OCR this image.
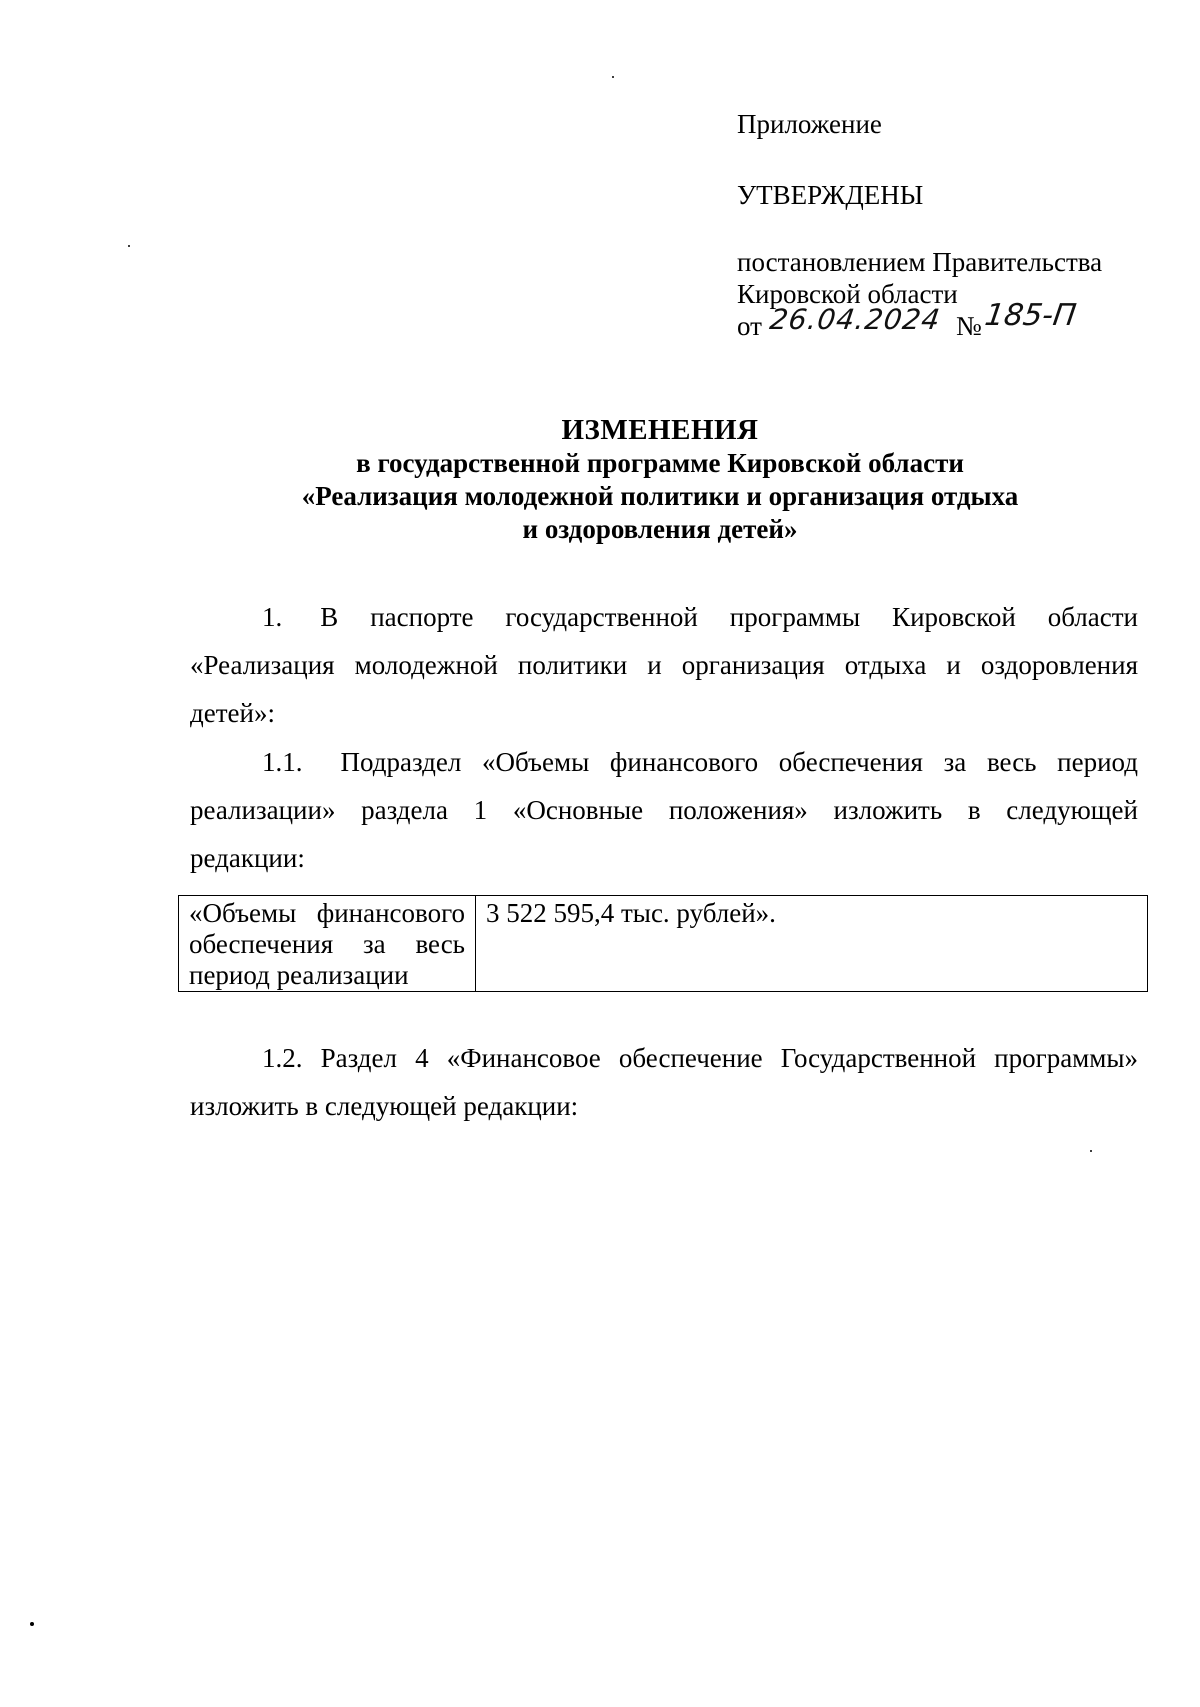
Приложение
УТВЕРЖДЕНЫ
постановлением Правительства
Кировской области
от 26.04.2024 № 185-П
ИЗМЕНЕНИЯ
в государственной программе Кировской области
«Реализация молодежной политики и организация отдыха
и оздоровления детей»
1. В паспорте государственной программы Кировской области
«Реализация молодежной политики и организация отдыха и оздоровления
детей»:
1.1. Подраздел «Объемы финансового обеспечения за весь период
реализации» раздела 1 «Основные положения» изложить в следующей
редакции:
«Объемы финансового
обеспечения за весь
период реализации
	3 522 595,4 тыс. рублей».
1.2. Раздел 4 «Финансовое обеспечение Государственной программы»
изложить в следующей редакции:
